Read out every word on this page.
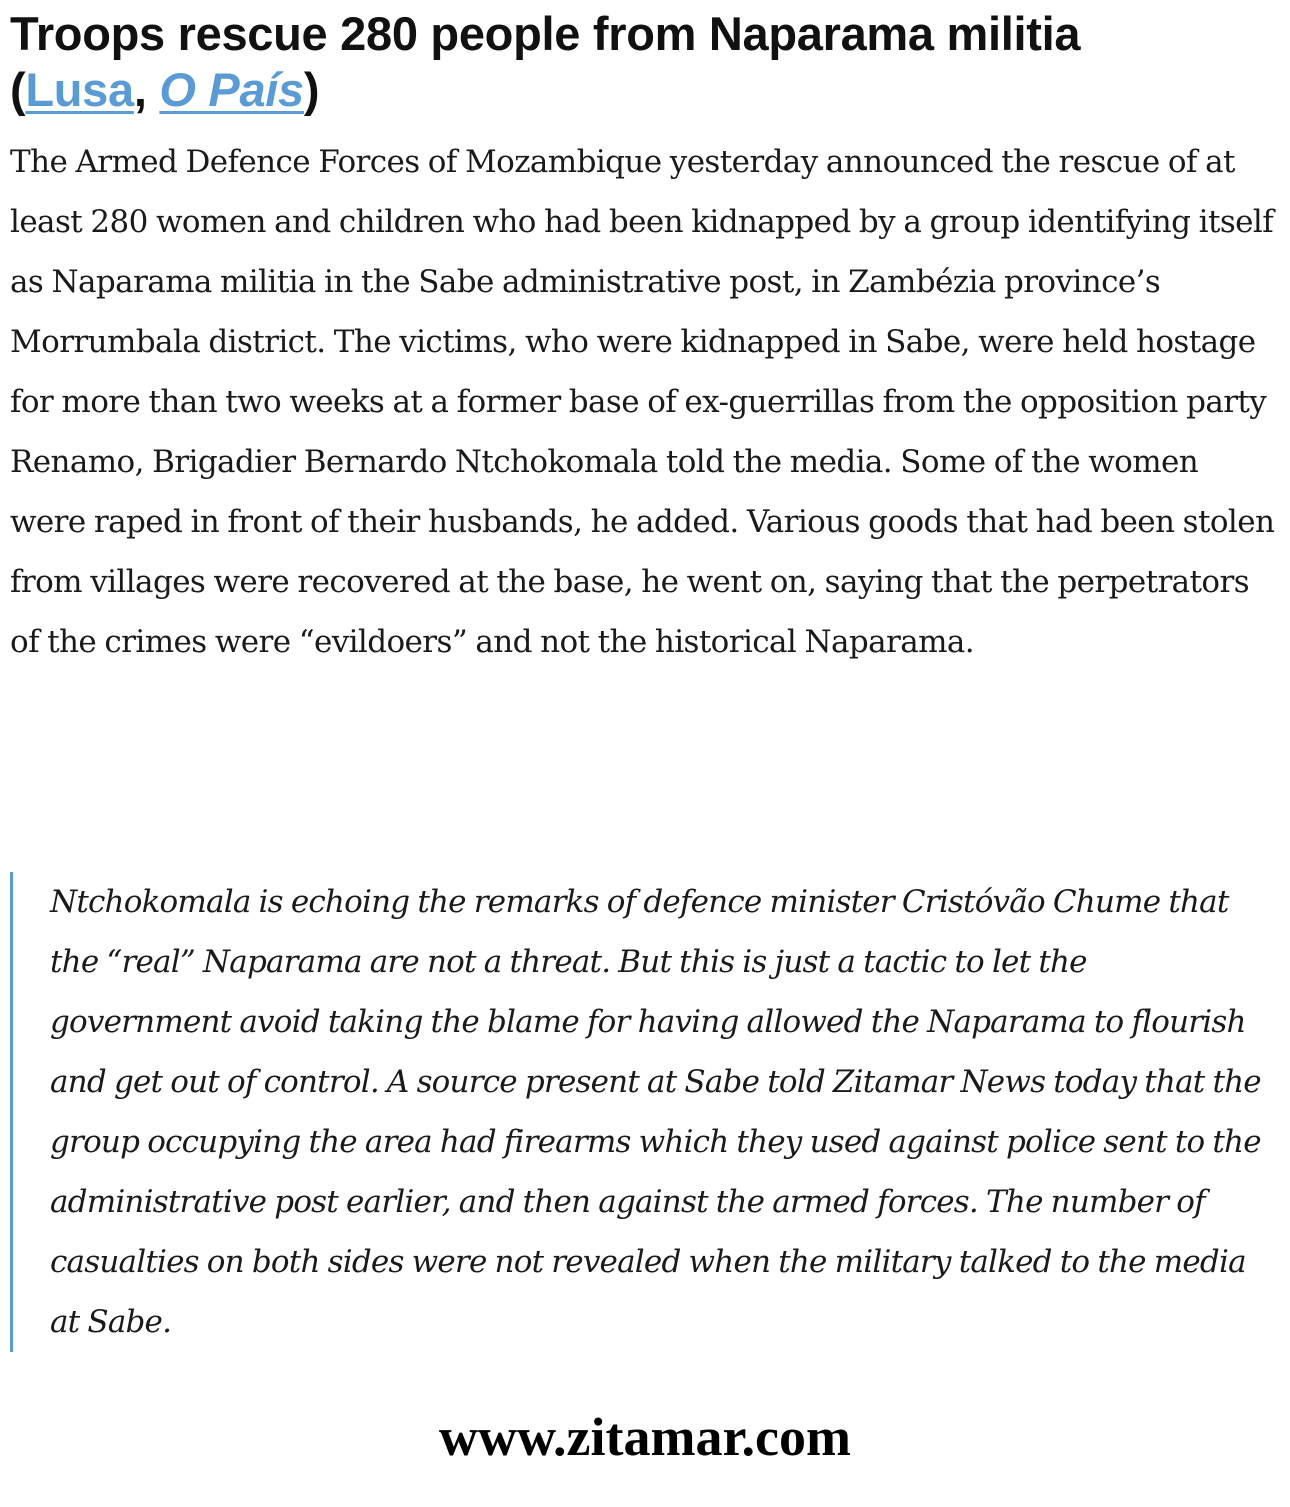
Troops rescue 280 people from Naparama militia
(Lusa, O País)

The Armed Defence Forces of Mozambique yesterday announced the rescue of at least 280 women and children who had been kidnapped by a group identifying itself as Naparama militia in the Sabe administrative post, in Zambézia province’s Morrumbala district. The victims, who were kidnapped in Sabe, were held hostage for more than two weeks at a former base of ex-guerrillas from the opposition party Renamo, Brigadier Bernardo Ntchokomala told the media. Some of the women were raped in front of their husbands, he added. Various goods that had been stolen from villages were recovered at the base, he went on, saying that the perpetrators of the crimes were “evildoers” and not the historical Naparama.

Ntchokomala is echoing the remarks of defence minister Cristóvão Chume that the “real” Naparama are not a threat. But this is just a tactic to let the government avoid taking the blame for having allowed the Naparama to flourish and get out of control. A source present at Sabe told Zitamar News today that the group occupying the area had firearms which they used against police sent to the administrative post earlier, and then against the armed forces. The number of casualties on both sides were not revealed when the military talked to the media at Sabe.

www.zitamar.com
